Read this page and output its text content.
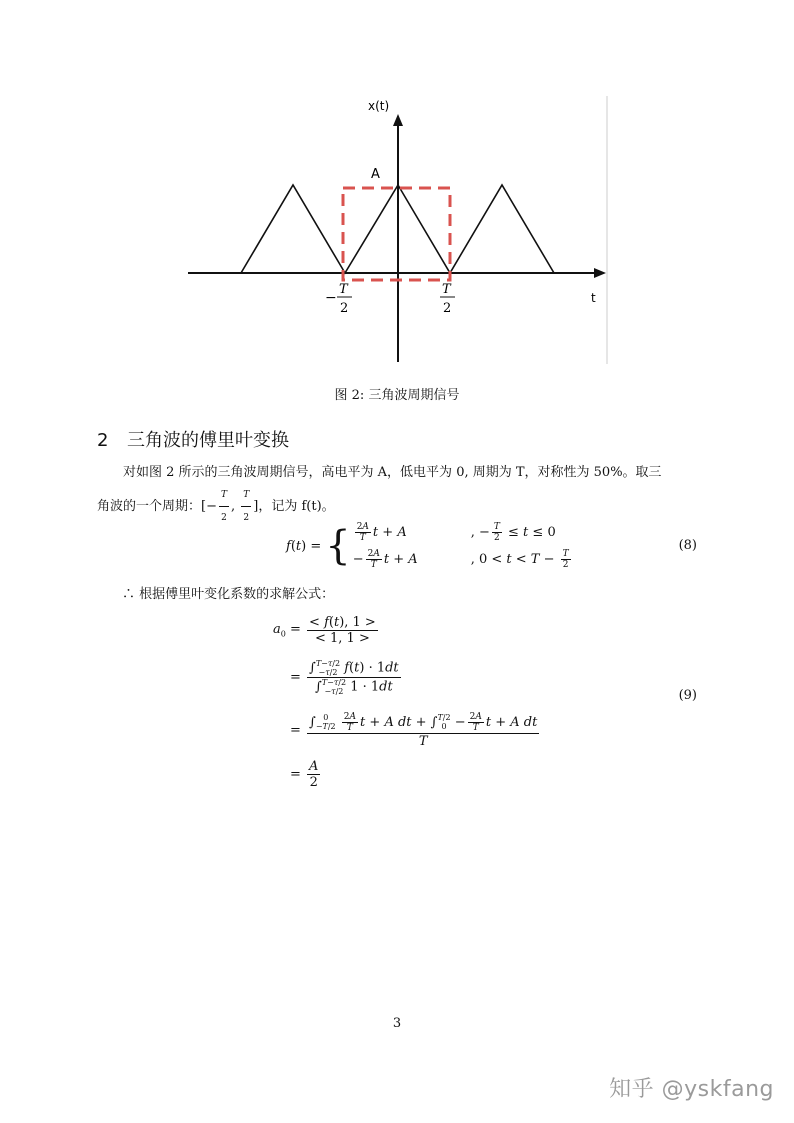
x(t)
t
A
−
T
2
T
2
图 2: 三角波周期信号
2 三角波的傅里叶变换
对如图 2 所示的三角波周期信号，高电平为 A，低电平为 0, 周期为 T，对称性为 50%。取三
角波的一个周期：[− $\frac{T}{2}$ , $\frac{T}{2}$ ]，记为 f(t)。
f(t) = { $\frac{2A}{T}$ t + A	, − $\frac{T}{2} \le t \le 0$
− $\frac{2A}{T}$ t + A	, $0 < t < T - \frac{T}{2}$
(8)
∴ 根据傅里叶变化系数的求解公式：
$a_0 = \frac{< f(t), 1 >}{< 1, 1 >}$
= ∫ T−τ/2
−τ/2 f(t) · 1dt
∫ T−τ/2
−τ/2 1 · 1dt
= ∫ 0
−T/2
$\frac{2A}{T}$ t + A dt + ∫ T/2
$0 - \frac{2A}{T}$ t + A dt
T
= $\frac{A}{2}$
(9)
3
知乎 @yskfang
